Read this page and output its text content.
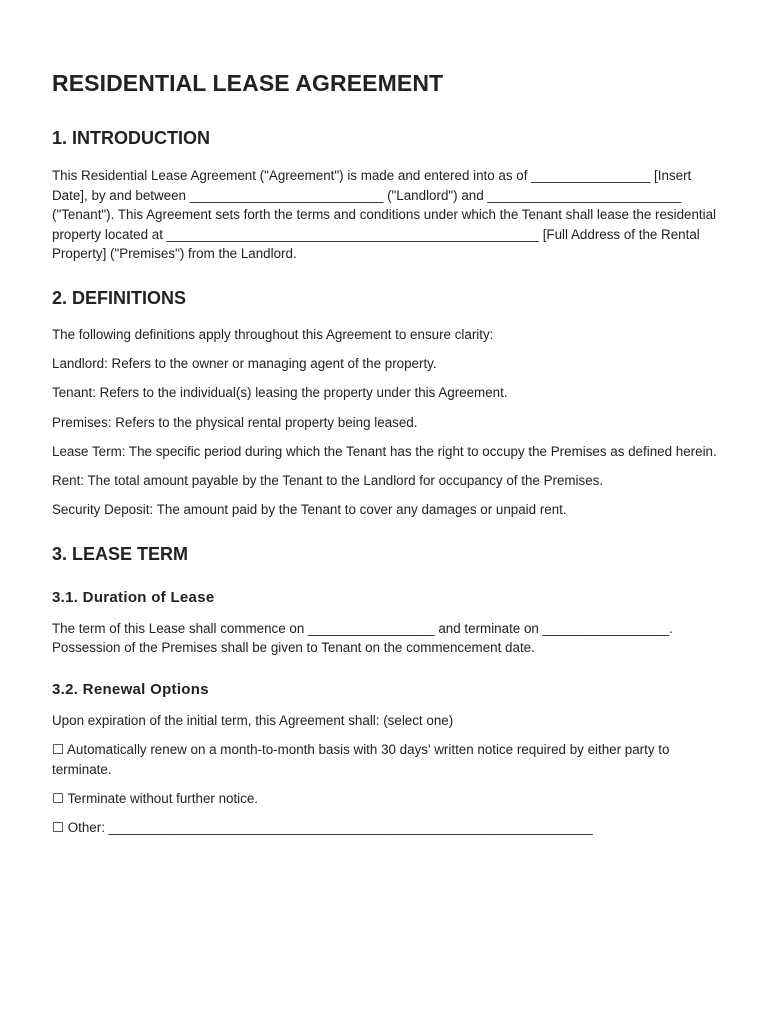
RESIDENTIAL LEASE AGREEMENT
1. INTRODUCTION

This Residential Lease Agreement ("Agreement") is made and entered into as of ________________ [Insert Date], by and between __________________________ ("Landlord") and __________________________ ("Tenant"). This Agreement sets forth the terms and conditions under which the Tenant shall lease the residential property located at __________________________________________________ [Full Address of the Rental Property] ("Premises") from the Landlord.

2. DEFINITIONS

The following definitions apply throughout this Agreement to ensure clarity:

Landlord: Refers to the owner or managing agent of the property.

Tenant: Refers to the individual(s) leasing the property under this Agreement.

Premises: Refers to the physical rental property being leased.

Lease Term: The specific period during which the Tenant has the right to occupy the Premises as defined herein.

Rent: The total amount payable by the Tenant to the Landlord for occupancy of the Premises.

Security Deposit: The amount paid by the Tenant to cover any damages or unpaid rent.

3. LEASE TERM
3.1. Duration of Lease

The term of this Lease shall commence on _________________ and terminate on _________________. Possession of the Premises shall be given to Tenant on the commencement date.

3.2. Renewal Options

Upon expiration of the initial term, this Agreement shall: (select one)

☐ Automatically renew on a month-to-month basis with 30 days' written notice required by either party to terminate.

☐ Terminate without further notice.

☐ Other: _________________________________________________________________
